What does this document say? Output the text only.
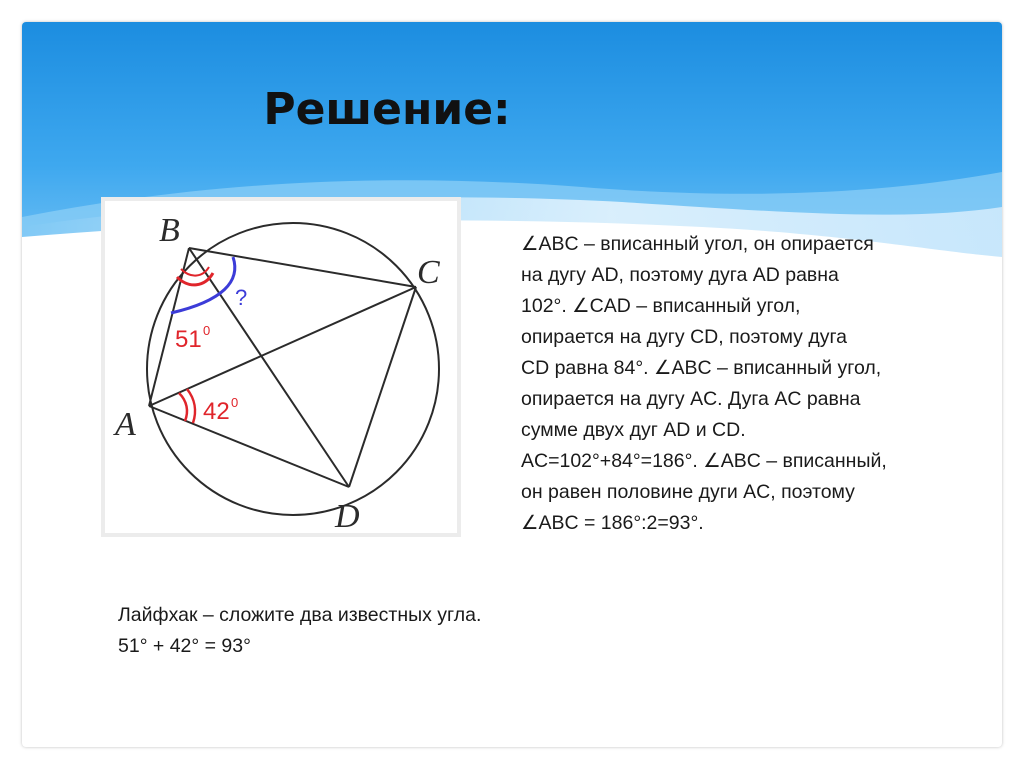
Решение:
B
C
A
D
?
51 0
42 0

∠ABC – вписанный угол, он опирается

на дугу AD, поэтому дуга AD равна

102°. ∠CAD – вписанный угол,

опирается на дугу CD, поэтому дуга

CD равна 84°. ∠ABC – вписанный угол,

опирается на дугу AC. Дуга AC равна

сумме двух дуг AD и CD.

AC=102°+84°=186°. ∠ABC – вписанный,

он равен половине дуги AC, поэтому

∠ABC = 186°:2=93°.

Лайфхак – сложите два известных угла.
51° + 42° = 93°
